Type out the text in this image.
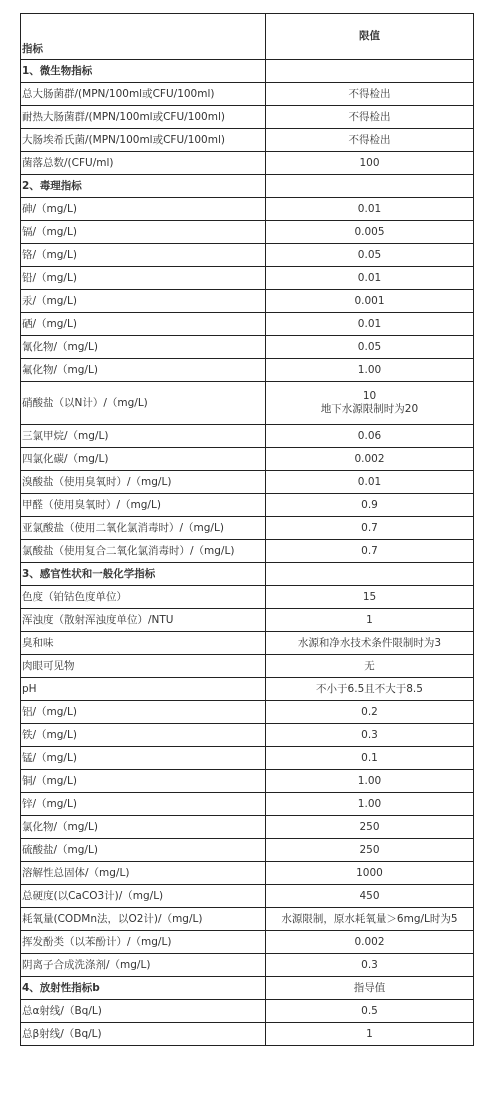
指标	限值
1、微生物指标	
总大肠菌群/(MPN/100ml或CFU/100ml)	不得检出
耐热大肠菌群/(MPN/100ml或CFU/100ml)	不得检出
大肠埃希氏菌/(MPN/100ml或CFU/100ml)	不得检出
菌落总数/(CFU/ml)	100
2、毒理指标	
砷/（mg/L)	0.01
镉/（mg/L)	0.005
铬/（mg/L)	0.05
铅/（mg/L)	0.01
汞/（mg/L)	0.001
硒/（mg/L)	0.01
氰化物/（mg/L)	0.05
氟化物/（mg/L)	1.00
硝酸盐（以N计）/（mg/L)	10
地下水源限制时为20

三氯甲烷/（mg/L)	0.06
四氯化碳/（mg/L)	0.002
溴酸盐（使用臭氧时）/（mg/L)	0.01
甲醛（使用臭氧时）/（mg/L)	0.9
亚氯酸盐（使用二氧化氯消毒时）/（mg/L)	0.7
氯酸盐（使用复合二氧化氯消毒时）/（mg/L)	0.7
3、感官性状和一般化学指标	
色度（铂钴色度单位）	15
浑浊度（散射浑浊度单位）/NTU	1
臭和味	水源和净水技术条件限制时为3
肉眼可见物	无
pH	不小于6.5且不大于8.5
铝/（mg/L)	0.2
铁/（mg/L)	0.3
锰/（mg/L)	0.1
铜/（mg/L)	1.00
锌/（mg/L)	1.00
氯化物/（mg/L)	250
硫酸盐/（mg/L)	250
溶解性总固体/（mg/L)	1000
总硬度(以CaCO3计)/（mg/L)	450
耗氧量(CODMn法，以O2计)/（mg/L)	水源限制，原水耗氧量＞6mg/L时为5
挥发酚类（以苯酚计）/（mg/L)	0.002
阴离子合成洗涤剂/（mg/L)	0.3
4、放射性指标b	指导值
总α射线/（Bq/L)	0.5
总β射线/（Bq/L)	1
